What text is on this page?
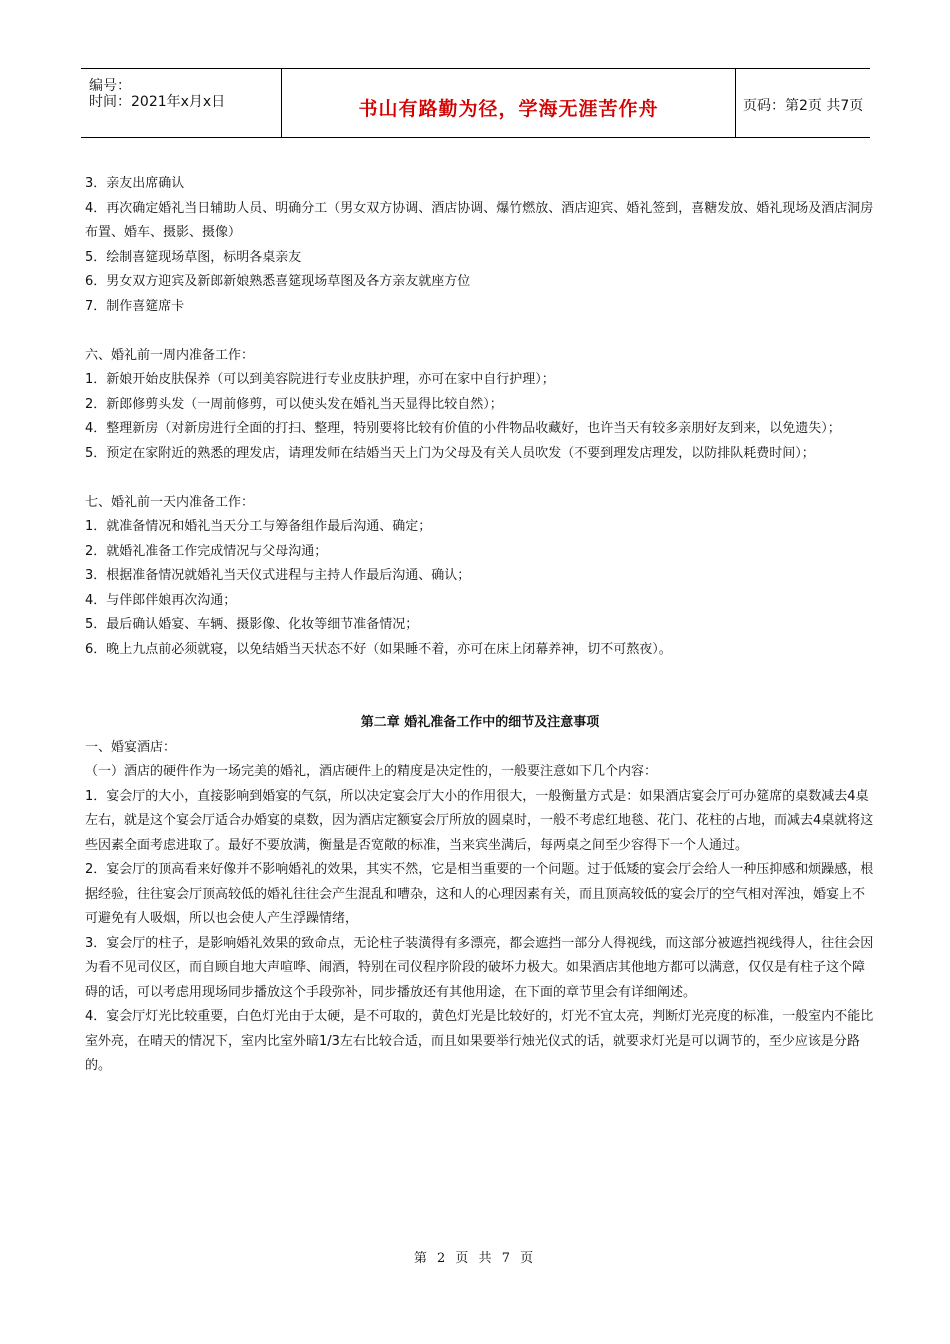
编号：
时间：2021年x月x日	书山有路勤为径，学海无涯苦作舟	页码：第2页 共7页

3．亲友出席确认

4．再次确定婚礼当日辅助人员、明确分工（男女双方协调、酒店协调、爆竹燃放、酒店迎宾、婚礼签到，喜糖发放、婚礼现场及酒店洞房布置、婚车、摄影、摄像）

5．绘制喜筵现场草图，标明各桌亲友

6．男女双方迎宾及新郎新娘熟悉喜筵现场草图及各方亲友就座方位

7．制作喜筵席卡

六、婚礼前一周内准备工作：

1．新娘开始皮肤保养（可以到美容院进行专业皮肤护理，亦可在家中自行护理）；

2．新郎修剪头发（一周前修剪，可以使头发在婚礼当天显得比较自然）；

4．整理新房（对新房进行全面的打扫、整理，特别要将比较有价值的小件物品收藏好，也许当天有较多亲朋好友到来，以免遗失）；

5．预定在家附近的熟悉的理发店，请理发师在结婚当天上门为父母及有关人员吹发（不要到理发店理发，以防排队耗费时间）；

七、婚礼前一天内准备工作：

1．就准备情况和婚礼当天分工与筹备组作最后沟通、确定；

2．就婚礼准备工作完成情况与父母沟通；

3．根据准备情况就婚礼当天仪式进程与主持人作最后沟通、确认；

4．与伴郎伴娘再次沟通；

5．最后确认婚宴、车辆、摄影像、化妆等细节准备情况；

6．晚上九点前必须就寝，以免结婚当天状态不好（如果睡不着，亦可在床上闭幕养神，切不可熬夜）。

第二章 婚礼准备工作中的细节及注意事项

一、婚宴酒店：

（一）酒店的硬件作为一场完美的婚礼，酒店硬件上的精度是决定性的，一般要注意如下几个内容：

1．宴会厅的大小，直接影响到婚宴的气氛，所以决定宴会厅大小的作用很大，一般衡量方式是：如果酒店宴会厅可办筵席的桌数减去4桌左右，就是这个宴会厅适合办婚宴的桌数，因为酒店定额宴会厅所放的圆桌时，一般不考虑红地毯、花门、花柱的占地，而减去4桌就将这些因素全面考虑进取了。最好不要放满，衡量是否宽敞的标准，当来宾坐满后，每两桌之间至少容得下一个人通过。

2．宴会厅的顶高看来好像并不影响婚礼的效果，其实不然，它是相当重要的一个问题。过于低矮的宴会厅会给人一种压抑感和烦躁感，根据经验，往往宴会厅顶高较低的婚礼往往会产生混乱和嘈杂，这和人的心理因素有关，而且顶高较低的宴会厅的空气相对浑浊，婚宴上不可避免有人吸烟，所以也会使人产生浮躁情绪，

3．宴会厅的柱子，是影响婚礼效果的致命点，无论柱子装潢得有多漂亮，都会遮挡一部分人得视线，而这部分被遮挡视线得人，往往会因为看不见司仪区，而自顾自地大声喧哗、闹酒，特别在司仪程序阶段的破坏力极大。如果酒店其他地方都可以满意，仅仅是有柱子这个障碍的话，可以考虑用现场同步播放这个手段弥补，同步播放还有其他用途，在下面的章节里会有详细阐述。

4．宴会厅灯光比较重要，白色灯光由于太硬，是不可取的，黄色灯光是比较好的，灯光不宜太亮，判断灯光亮度的标准，一般室内不能比室外亮，在晴天的情况下，室内比室外暗1/3左右比较合适，而且如果要举行烛光仪式的话，就要求灯光是可以调节的，至少应该是分路的。

第 2 页 共 7 页
